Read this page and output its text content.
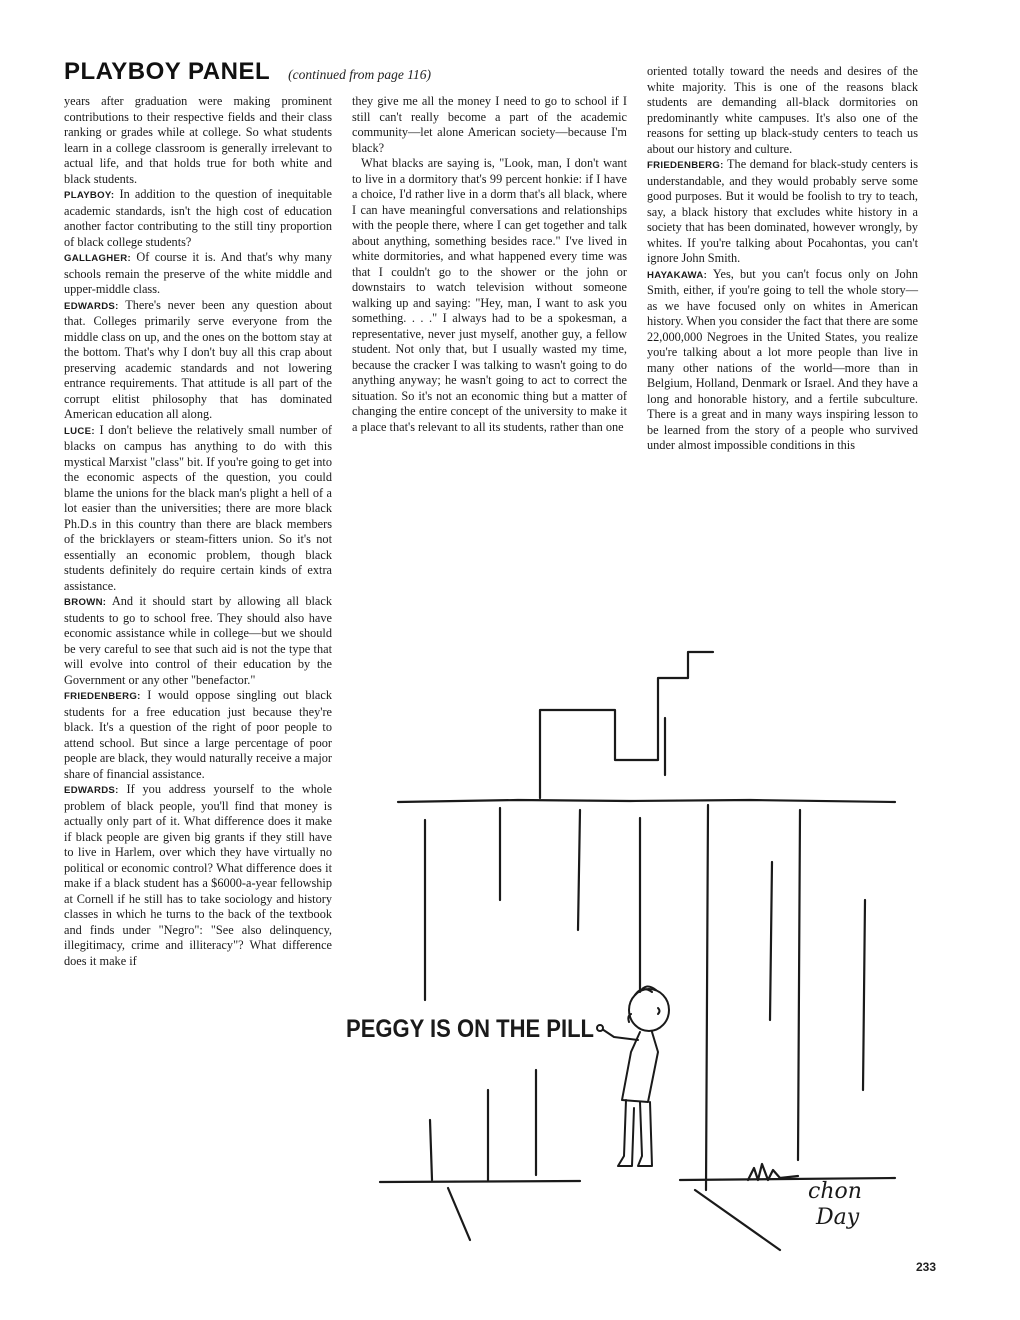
PLAYBOY PANEL (continued from page 116)

years after graduation were making prominent contributions to their respective fields and their class ranking or grades while at college. So what students learn in a college classroom is generally irrelevant to actual life, and that holds true for both white and black students.

PLAYBOY: In addition to the question of inequitable academic standards, isn't the high cost of education another factor contributing to the still tiny proportion of black college students?

GALLAGHER: Of course it is. And that's why many schools remain the preserve of the white middle and upper-middle class.

EDWARDS: There's never been any question about that. Colleges primarily serve everyone from the middle class on up, and the ones on the bottom stay at the bottom. That's why I don't buy all this crap about preserving academic standards and not lowering entrance requirements. That attitude is all part of the corrupt elitist philosophy that has dominated American education all along.

LUCE: I don't believe the relatively small number of blacks on campus has anything to do with this mystical Marxist "class" bit. If you're going to get into the economic aspects of the question, you could blame the unions for the black man's plight a hell of a lot easier than the universities; there are more black Ph.D.s in this country than there are black members of the bricklayers or steam-fitters union. So it's not essentially an economic problem, though black students definitely do require certain kinds of extra assistance.

BROWN: And it should start by allowing all black students to go to school free. They should also have economic assistance while in college—but we should be very careful to see that such aid is not the type that will evolve into control of their education by the Government or any other "benefactor."

FRIEDENBERG: I would oppose singling out black students for a free education just because they're black. It's a question of the right of poor people to attend school. But since a large percentage of poor people are black, they would naturally receive a major share of financial assistance.

EDWARDS: If you address yourself to the whole problem of black people, you'll find that money is actually only part of it. What difference does it make if black people are given big grants if they still have to live in Harlem, over which they have virtually no political or economic control? What difference does it make if a black student has a $6000-a-year fellowship at Cornell if he still has to take sociology and history classes in which he turns to the back of the textbook and finds under "Negro": "See also delinquency, illegitimacy, crime and illiteracy"? What difference does it make if

they give me all the money I need to go to school if I still can't really become a part of the academic community—let alone American society—because I'm black?

What blacks are saying is, "Look, man, I don't want to live in a dormitory that's 99 percent honkie: if I have a choice, I'd rather live in a dorm that's all black, where I can have meaningful conversations and relationships with the people there, where I can get together and talk about anything, something besides race." I've lived in white dormitories, and what happened every time was that I couldn't go to the shower or the john or downstairs to watch television without someone walking up and saying: "Hey, man, I want to ask you something. . . ." I always had to be a spokesman, a representative, never just myself, another guy, a fellow student. Not only that, but I usually wasted my time, because the cracker I was talking to wasn't going to do anything anyway; he wasn't going to act to correct the situation. So it's not an economic thing but a matter of changing the entire concept of the university to make it a place that's relevant to all its students, rather than one

oriented totally toward the needs and desires of the white majority. This is one of the reasons black students are demanding all-black dormitories on predominantly white campuses. It's also one of the reasons for setting up black-study centers to teach us about our history and culture.

FRIEDENBERG: The demand for black-study centers is understandable, and they would probably serve some good purposes. But it would be foolish to try to teach, say, a black history that excludes white history in a society that has been dominated, however wrongly, by whites. If you're talking about Pocahontas, you can't ignore John Smith.

HAYAKAWA: Yes, but you can't focus only on John Smith, either, if you're going to tell the whole story—as we have focused only on whites in American history. When you consider the fact that there are some 22,000,000 Negroes in the United States, you realize you're talking about a lot more people than live in many other nations of the world—more than in Belgium, Holland, Denmark or Israel. And they have a long and honorable history, and a fertile subculture. There is a great and in many ways inspiring lesson to be learned from the story of a people who survived under almost impossible conditions in this

PEGGY IS ON THE PILL
chon
Day
233
